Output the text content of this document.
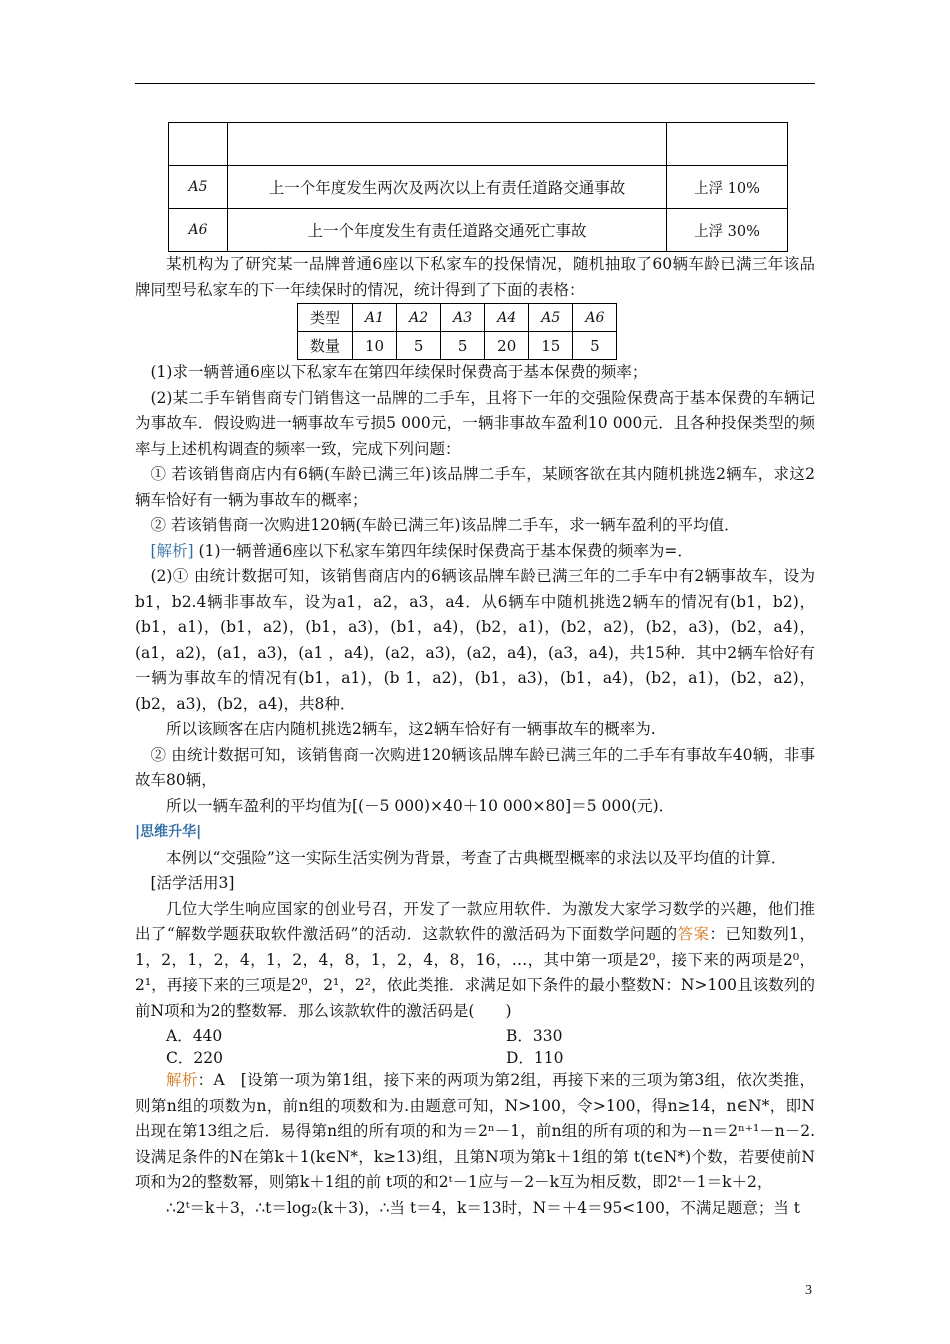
A5	上一个年度发生两次及两次以上有责任道路交通事故	上浮 10%
A6	上一个年度发生有责任道路交通死亡事故	上浮 30%

某机构为了研究某一品牌普通6座以下私家车的投保情况，随机抽取了60辆车龄已满三年该品牌同型号私家车的下一年续保时的情况，统计得到了下面的表格：

类型	A1	A2	A3	A4	A5	A6
数量	10	5	5	20	15	5

(1)求一辆普通6座以下私家车在第四年续保时保费高于基本保费的频率；

(2)某二手车销售商专门销售这一品牌的二手车，且将下一年的交强险保费高于基本保费的车辆记为事故车．假设购进一辆事故车亏损5 000元，一辆非事故车盈利10 000元．且各种投保类型的频率与上述机构调查的频率一致，完成下列问题：

① 若该销售商店内有6辆(车龄已满三年)该品牌二手车，某顾客欲在其内随机挑选2辆车，求这2辆车恰好有一辆为事故车的概率；

② 若该销售商一次购进120辆(车龄已满三年)该品牌二手车，求一辆车盈利的平均值．

[解析] (1)一辆普通6座以下私家车第四年续保时保费高于基本保费的频率为=．

(2)① 由统计数据可知，该销售商店内的6辆该品牌车龄已满三年的二手车中有2辆事故车，设为b1，b2.4辆非事故车，设为a1，a2，a3，a4．从6辆车中随机挑选2辆车的情况有(b1，b2)，(b1，a1)，(b1，a2)，(b1，a3)，(b1，a4)，(b2，a1)，(b2，a2)，(b2，a3)，(b2，a4)，(a1，a2)，(a1，a3)，(a1 ，a4)，(a2，a3)，(a2，a4)，(a3，a4)，共15种．其中2辆车恰好有一辆为事故车的情况有(b1，a1)，(b 1，a2)，(b1，a3)，(b1，a4)，(b2，a1)，(b2，a2)，(b2，a3)，(b2，a4)，共8种．

所以该顾客在店内随机挑选2辆车，这2辆车恰好有一辆事故车的概率为.

② 由统计数据可知，该销售商一次购进120辆该品牌车龄已满三年的二手车有事故车40辆，非事故车80辆，

所以一辆车盈利的平均值为[(－5 000)×40＋10 000×80]＝5 000(元)．

|思维升华|

本例以“交强险”这一实际生活实例为背景，考查了古典概型概率的求法以及平均值的计算．

[活学活用3]

几位大学生响应国家的创业号召，开发了一款应用软件．为激发大家学习数学的兴趣，他们推出了“解数学题获取软件激活码”的活动．这款软件的激活码为下面数学问题的答案：已知数列1，1，2，1，2，4，1，2，4，8，1，2，4，8，16，…，其中第一项是2⁰，接下来的两项是2⁰，2¹，再接下来的三项是2⁰，2¹，2²，依此类推．求满足如下条件的最小整数N：N>100且该数列的前N项和为2的整数幂．那么该款软件的激活码是(　　)

A．440	B．330
C．220	D．110

解析：A　[设第一项为第1组，接下来的两项为第2组，再接下来的三项为第3组，依次类推，则第n组的项数为n，前n组的项数和为.由题意可知，N>100，令>100，得n≥14，n∈N*，即N出现在第13组之后．易得第n组的所有项的和为＝2ⁿ－1，前n组的所有项的和为－n＝2ⁿ⁺¹－n－2.设满足条件的N在第k＋1(k∈N*，k≥13)组，且第N项为第k＋1组的第 t(t∈N*)个数，若要使前N项和为2的整数幂，则第k＋1组的前 t项的和2ᵗ－1应与－2－k互为相反数，即2ᵗ－1＝k＋2，

∴2ᵗ＝k＋3，∴t＝log₂(k＋3)，∴当 t＝4，k＝13时，N＝＋4＝95<100，不满足题意；当 t

3
